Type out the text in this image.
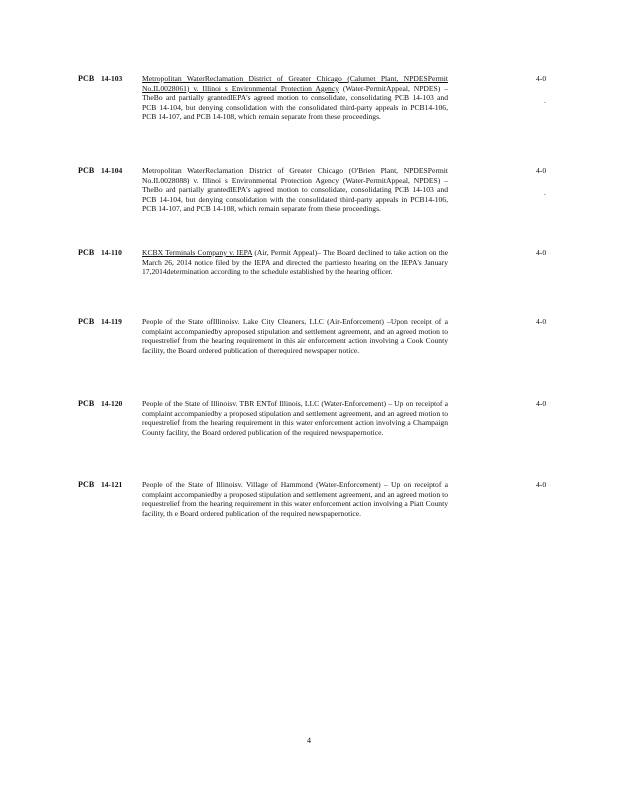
PCB 14-103	Metropolitan WaterReclamation District of Greater Chicago (Calumet Plant, NPDESPermit No.IL0028061) v. Illinoi s Environmental Protection Agency (Water-PermitAppeal, NPDES) –TheBo ard partially grantedIEPA's agreed motion to consolidate, consolidating PCB 14-103 and PCB 14-104, but denying consolidation with the consolidated third-party appeals in PCB14-106, PCB 14-107, and PCB 14-108, which remain separate from these proceedings.
4-0
.
PCB 14-104	Metropolitan WaterReclamation District of Greater Chicago (O'Brien Plant, NPDESPermit No.IL0028088) v. Illinoi s Environmental Protection Agency (Water-PermitAppeal, NPDES) –TheBo ard partially grantedIEPA's agreed motion to consolidate, consolidating PCB 14-103 and PCB 14-104, but denying consolidation with the consolidated third-party appeals in PCB14-106, PCB 14-107, and PCB 14-108, which remain separate from these proceedings.
4-0
.
PCB 14-110	KCBX Terminals Company v. IEPA (Air, Permit Appeal)– The Board declined to take action on the March 26, 2014 notice filed by the IEPA and directed the partiesto hearing on the IEPA's January 17,2014determination according to the schedule established by the hearing officer.
4-0
PCB 14-119	People of the State ofIllinoisv. Lake City Cleaners, LLC (Air-Enforcement) –Upon receipt of a complaint accompaniedby aproposed stipulation and settlement agreement, and an agreed motion to requestrelief from the hearing requirement in this air enforcement action involving a Cook County facility, the Board ordered publication of therequired newspaper notice.
4-0
PCB 14-120	People of the State of Illinoisv. TBR ENTof Illinois, LLC (Water-Enforcement) – Up on receiptof a complaint accompaniedby a proposed stipulation and settlement agreement, and an agreed motion to requestrelief from the hearing requirement in this water enforcement action involving a Champaign County facility, the Board ordered publication of the required newspapernotice.
4-0
PCB 14-121	People of the State of Illinoisv. Village of Hammond (Water-Enforcement) – Up on receiptof a complaint accompaniedby a proposed stipulation and settlement agreement, and an agreed motion to requestrelief from the hearing requirement in this water enforcement action involving a Piatt County facility, th e Board ordered publication of the required newspapernotice.
4-0
4
